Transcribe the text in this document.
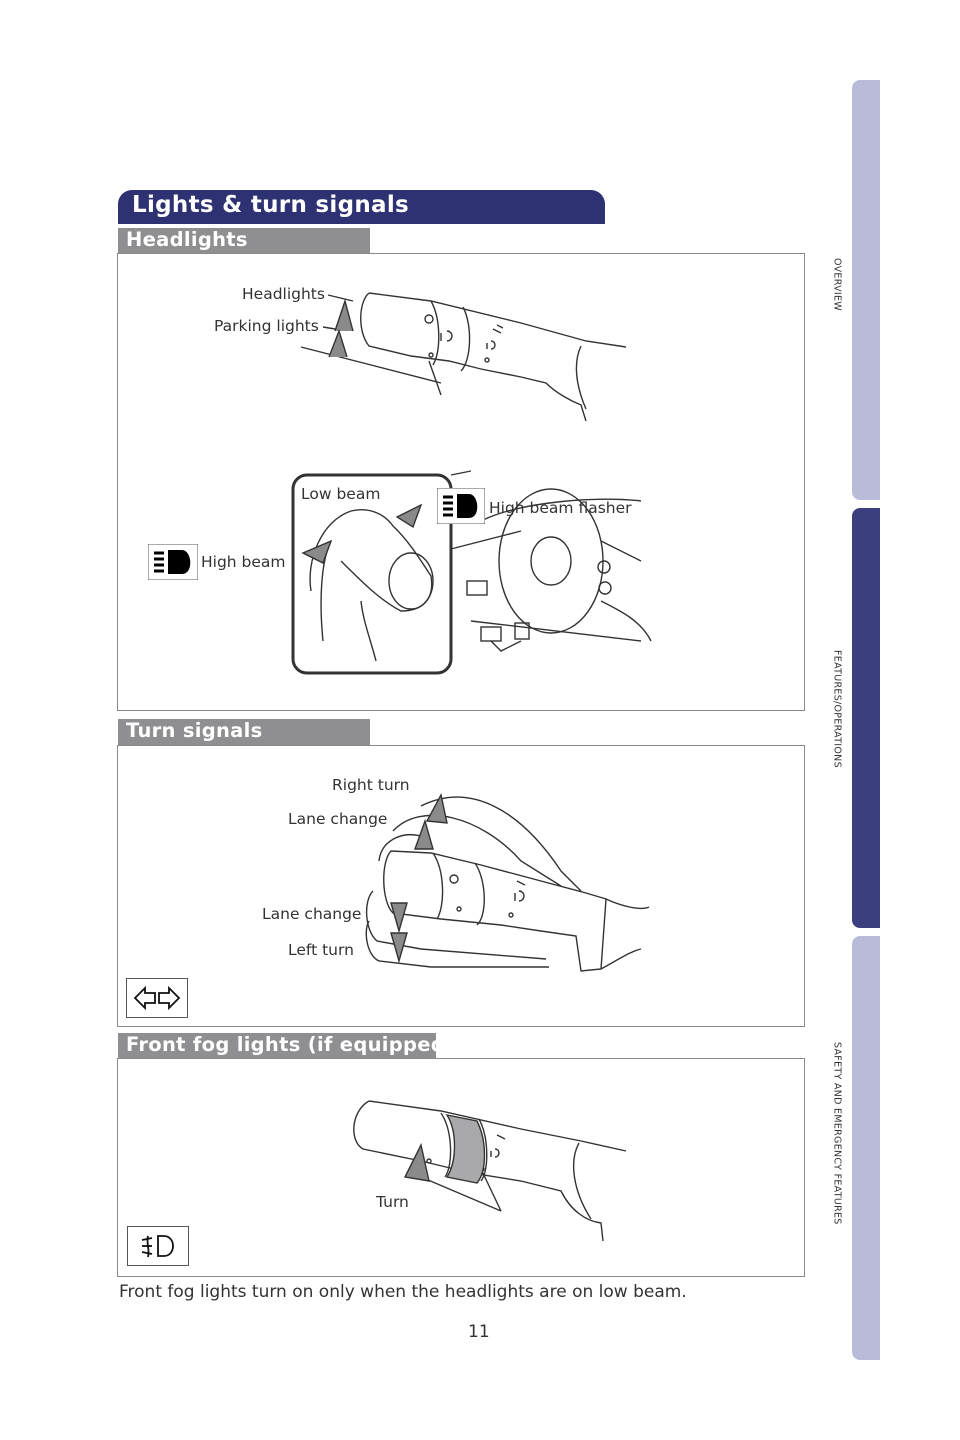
OVERVIEW
FEATURES/OPERATIONS
SAFETY AND EMERGENCY FEATURES
Lights & turn signals
Headlights
Headlights
Parking lights
Low beam
High beam
High beam flasher
Turn signals
Right turn
Lane change
Lane change
Left turn
Front fog lights (if equipped)
Turn
Front fog lights turn on only when the headlights are on low beam.
11
